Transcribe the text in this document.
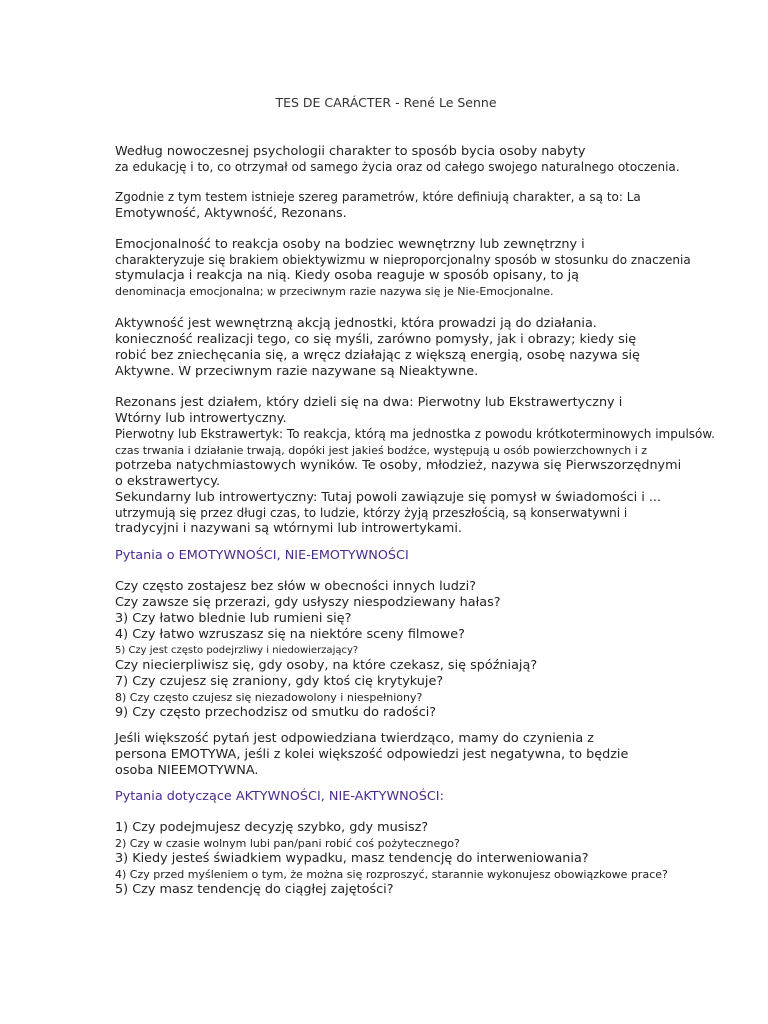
TES DE CARÁCTER - René Le Senne
Według nowoczesnej psychologii charakter to sposób bycia osoby nabyty
za edukację i to, co otrzymał od samego życia oraz od całego swojego naturalnego otoczenia.
Zgodnie z tym testem istnieje szereg parametrów, które definiują charakter, a są to: La
Emotywność, Aktywność, Rezonans.
Emocjonalność to reakcja osoby na bodziec wewnętrzny lub zewnętrzny i
charakteryzuje się brakiem obiektywizmu w nieproporcjonalny sposób w stosunku do znaczenia
stymulacja i reakcja na nią. Kiedy osoba reaguje w sposób opisany, to ją
denominacja emocjonalna; w przeciwnym razie nazywa się je Nie-Emocjonalne.
Aktywność jest wewnętrzną akcją jednostki, która prowadzi ją do działania.
konieczność realizacji tego, co się myśli, zarówno pomysły, jak i obrazy; kiedy się
robić bez zniechęcania się, a wręcz działając z większą energią, osobę nazywa się
Aktywne. W przeciwnym razie nazywane są Nieaktywne.
Rezonans jest działem, który dzieli się na dwa: Pierwotny lub Ekstrawertyczny i
Wtórny lub introwertyczny.
Pierwotny lub Ekstrawertyk: To reakcja, którą ma jednostka z powodu krótkoterminowych impulsów.
czas trwania i działanie trwają, dopóki jest jakieś bodźce, występują u osób powierzchownych i z
potrzeba natychmiastowych wyników. Te osoby, młodzież, nazywa się Pierwszorzędnymi
o ekstrawertycy.
Sekundarny lub introwertyczny: Tutaj powoli zawiązuje się pomysł w świadomości i ...
utrzymują się przez długi czas, to ludzie, którzy żyją przeszłością, są konserwatywni i
tradycyjni i nazywani są wtórnymi lub introwertykami.
Pytania o EMOTYWNOŚCI, NIE-EMOTYWNOŚCI
Czy często zostajesz bez słów w obecności innych ludzi?
Czy zawsze się przerazi, gdy usłyszy niespodziewany hałas?
3) Czy łatwo blednie lub rumieni się?
4) Czy łatwo wzruszasz się na niektóre sceny filmowe?
5) Czy jest często podejrzliwy i niedowierzający?
Czy niecierpliwisz się, gdy osoby, na które czekasz, się spóźniają?
7) Czy czujesz się zraniony, gdy ktoś cię krytykuje?
8) Czy często czujesz się niezadowolony i niespełniony?
9) Czy często przechodzisz od smutku do radości?
Jeśli większość pytań jest odpowiedziana twierdząco, mamy do czynienia z
persona EMOTYWA, jeśli z kolei większość odpowiedzi jest negatywna, to będzie
osoba NIEEMOTYWNA.
Pytania dotyczące AKTYWNOŚCI, NIE-AKTYWNOŚCI:
1) Czy podejmujesz decyzję szybko, gdy musisz?
2) Czy w czasie wolnym lubi pan/pani robić coś pożytecznego?
3) Kiedy jesteś świadkiem wypadku, masz tendencję do interweniowania?
4) Czy przed myśleniem o tym, że można się rozproszyć, starannie wykonujesz obowiązkowe prace?
5) Czy masz tendencję do ciągłej zajętości?
